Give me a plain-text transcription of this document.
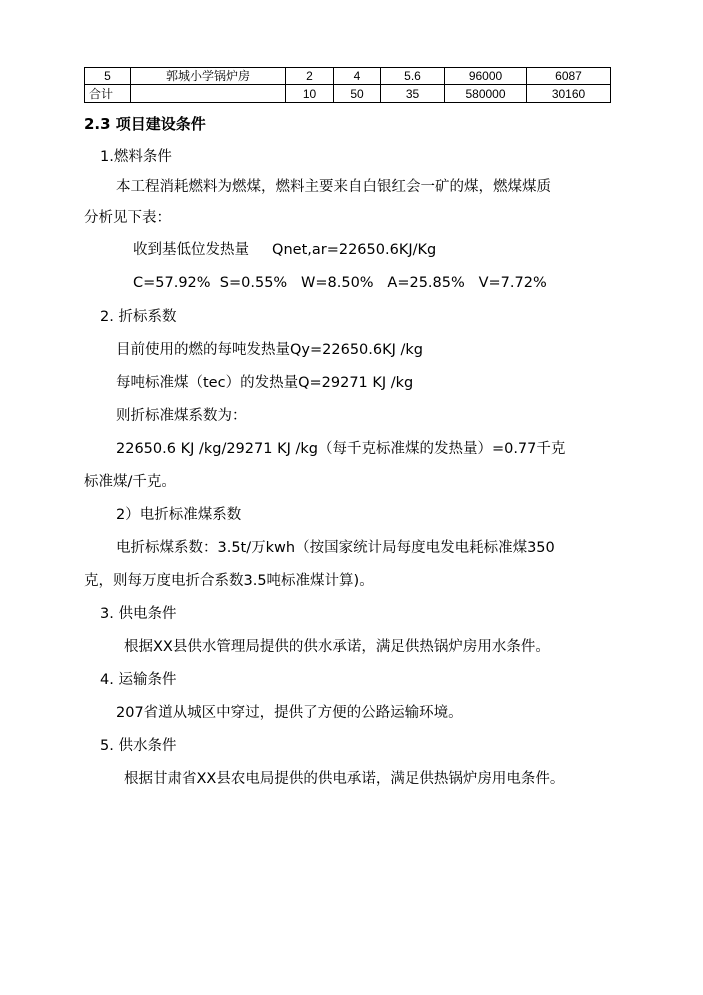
5	郭城小学锅炉房	2	4	5.6	96000	6087
合计		10	50	35	580000	30160
2.3 项目建设条件
1.燃料条件
本工程消耗燃料为燃煤，燃料主要来自白银红会一矿的煤，燃煤煤质
分析见下表：
收到基低位发热量     Qnet,ar=22650.6KJ/Kg
C=57.92%  S=0.55%   W=8.50%   A=25.85%   V=7.72%
2. 折标系数
目前使用的燃的每吨发热量Qy=22650.6KJ /kg
每吨标准煤（tec）的发热量Q=29271 KJ /kg
则折标准煤系数为：
22650.6 KJ /kg/29271 KJ /kg（每千克标准煤的发热量）=0.77千克
标准煤/千克。
2）电折标准煤系数
电折标煤系数：3.5t/万kwh（按国家统计局每度电发电耗标准煤350
克，则每万度电折合系数3.5吨标准煤计算)。
3. 供电条件
根据XX县供水管理局提供的供水承诺，满足供热锅炉房用水条件。
4. 运输条件
207省道从城区中穿过，提供了方便的公路运输环境。
5. 供水条件
根据甘肃省XX县农电局提供的供电承诺，满足供热锅炉房用电条件。
